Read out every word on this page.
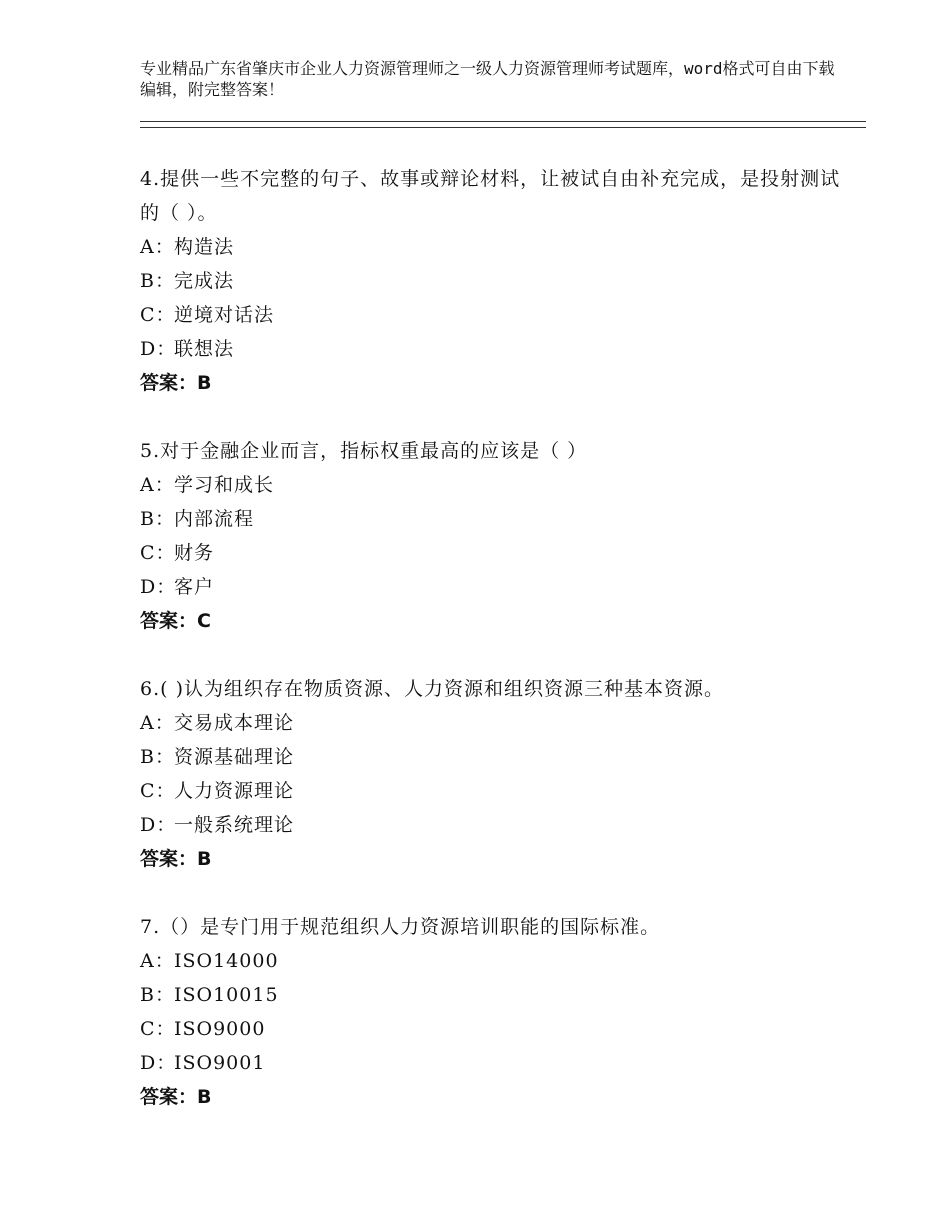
专业精品广东省肇庆市企业人力资源管理师之一级人力资源管理师考试题库，word格式可自由下载编辑，附完整答案！

4.提供一些不完整的句子、故事或辩论材料，让被试自由补充完成，是投射测试 的（ ）。

A： 构造法

B： 完成法

C：
逆境对话法

D：
联想法

答案：B

5.对于金融企业而言，指标权重最高的应该是（ ）

A： 学习和成长

B： 内部流程

C：
财务

D：
客户

答案：C

6.( )认为组织存在物质资源、人力资源和组织资源三种基本资源。

A： 交易成本理论

B： 资源基础理论

C：
人力资源理论

D：
一般系统理论

答案：B

7.（）是专门用于规范组织人力资源培训职能的国际标准。

A： ISO14000

B： ISO10015

C：
ISO9000

D：
ISO9001

答案：B
